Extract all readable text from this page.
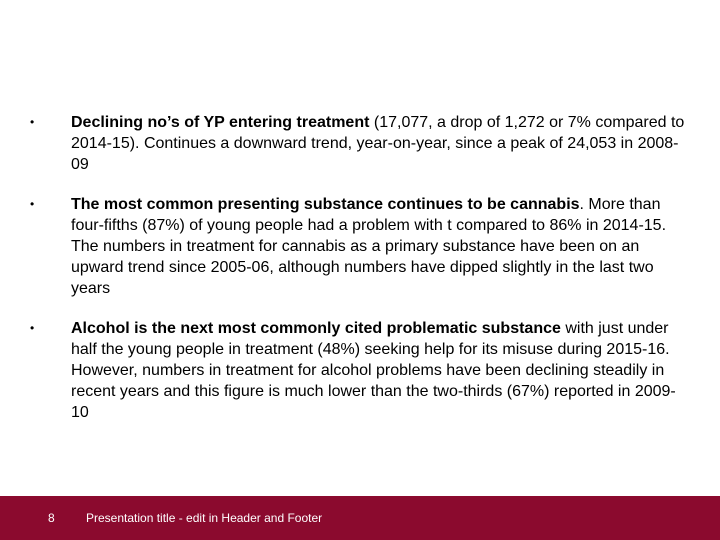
• Declining no’s of YP entering treatment (17,077, a drop of 1,272 or 7% compared to 2014-15). Continues a downward trend, year-on-year, since a peak of 24,053 in 2008-09
• The most common presenting substance continues to be cannabis. More than four-fifths (87%) of young people had a problem with t compared to 86% in 2014-15. The numbers in treatment for cannabis as a primary substance have been on an upward trend since 2005-06, although numbers have dipped slightly in the last two years
• Alcohol is the next most commonly cited problematic substance with just under half the young people in treatment (48%) seeking help for its misuse during 2015-16. However, numbers in treatment for alcohol problems have been declining steadily in recent years and this figure is much lower than the two-thirds (67%) reported in 2009-10
8	Presentation title - edit in Header and Footer
